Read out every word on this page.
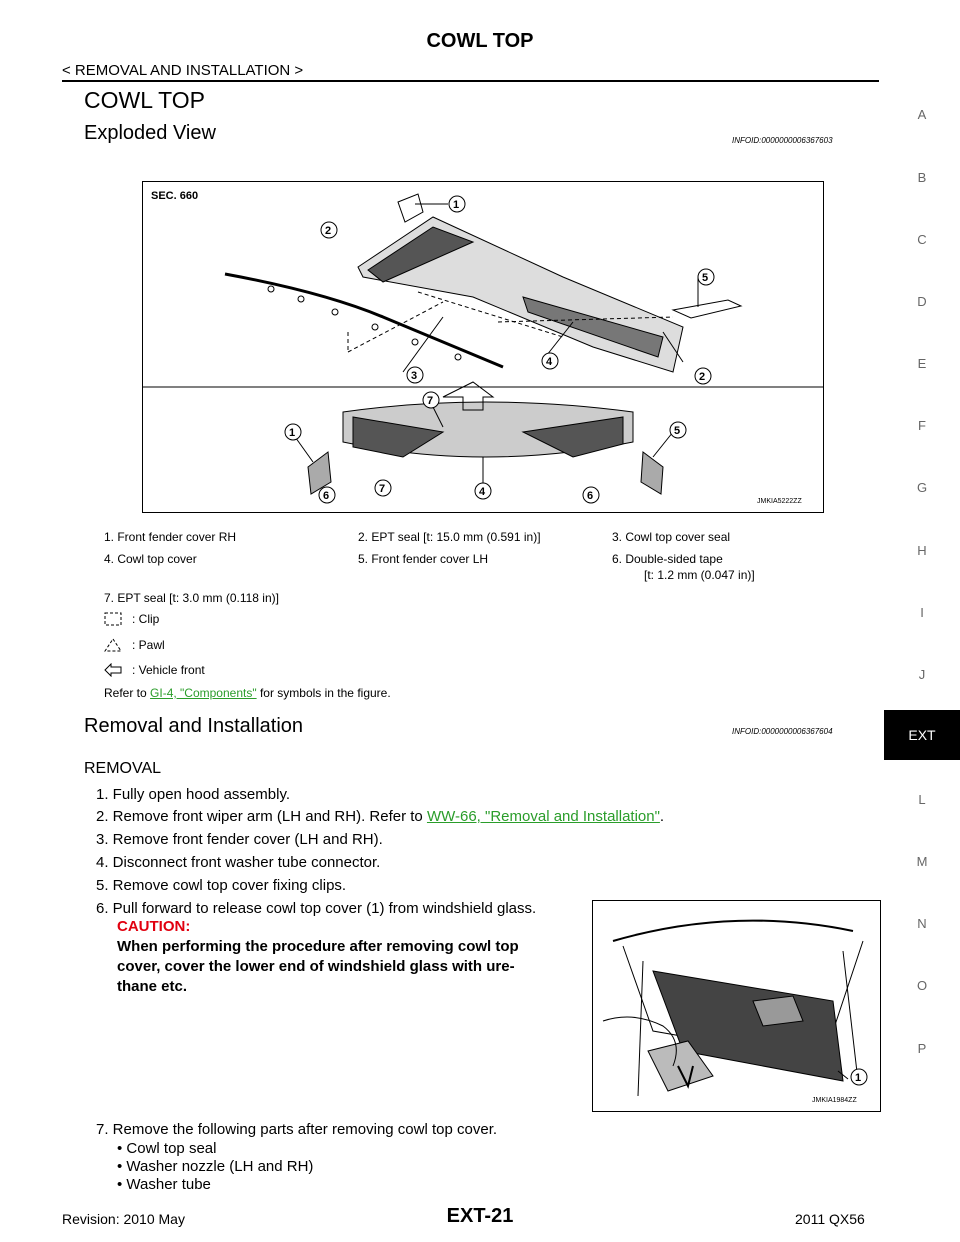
COWL TOP
< REMOVAL AND INSTALLATION >
COWL TOP
Exploded View	INFOID:0000000006367603
1
2
5
4
3	2
7
1	5
7
6	4	6
SEC. 660
JMKIA5222ZZ
1. Front fender cover RH	2. EPT seal [t: 15.0 mm (0.591 in)]	3. Cowl top cover seal
4. Cowl top cover	5. Front fender cover LH	6. Double-sided tape
[t: 1.2 mm (0.047 in)]
7. EPT seal [t: 3.0 mm (0.118 in)]
: Clip
: Pawl
: Vehicle front
Refer to GI-4, "Components" for symbols in the figure.
Removal and Installation	INFOID:0000000006367604
REMOVAL
1. Fully open hood assembly.
2. Remove front wiper arm (LH and RH). Refer to WW-66, "Removal and Installation".
3. Remove front fender cover (LH and RH).
4. Disconnect front washer tube connector.
5. Remove cowl top cover fixing clips.
6. Pull forward to release cowl top cover (1) from windshield glass.
CAUTION:
When performing the procedure after removing cowl top
cover, cover the lower end of windshield glass with ure-
thane etc.
1
JMKIA1984ZZ
7. Remove the following parts after removing cowl top cover.
• Cowl top seal
• Washer nozzle (LH and RH)
• Washer tube
A
B
C
D
E
F
G
H
I
J
L
M
N
O
P
EXT
Revision: 2010 May	EXT-21	2011 QX56
